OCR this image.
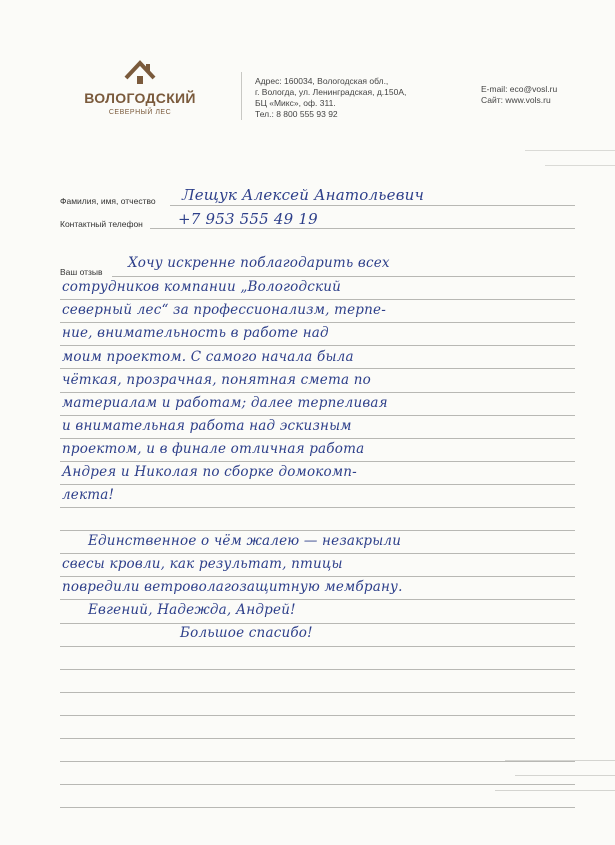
ВОЛОГОДСКИЙ
СЕВЕРНЫЙ ЛЕС
Адрес: 160034, Вологодская обл.,
г. Вологда, ул. Ленинградская, д.150А,
БЦ «Микс», оф. 311.
Тел.: 8 800 555 93 92
E-mail: eco@vosl.ru
Сайт: www.vols.ru
Фамилия, имя, отчество Лещук Алексей Анатольевич
Контактный телефон +7 953 555 49 19
Ваш отзыв
Хочу искренне поблагодарить всех
сотрудников компании „Вологодский
северный лес“ за профессионализм, терпе-
ние, внимательность в работе над
моим проектом. С самого начала была
чёткая, прозрачная, понятная смета по
материалам и работам; далее терпеливая
и внимательная работа над эскизным
проектом, и в финале отличная работа
Андрея и Николая по сборке домокомп-
лекта!
Единственное о чём жалею — незакрыли
свесы кровли, как результат, птицы
повредили ветроволагозащитную мембрану.
Евгений, Надежда, Андрей!
Большое спасибо!
